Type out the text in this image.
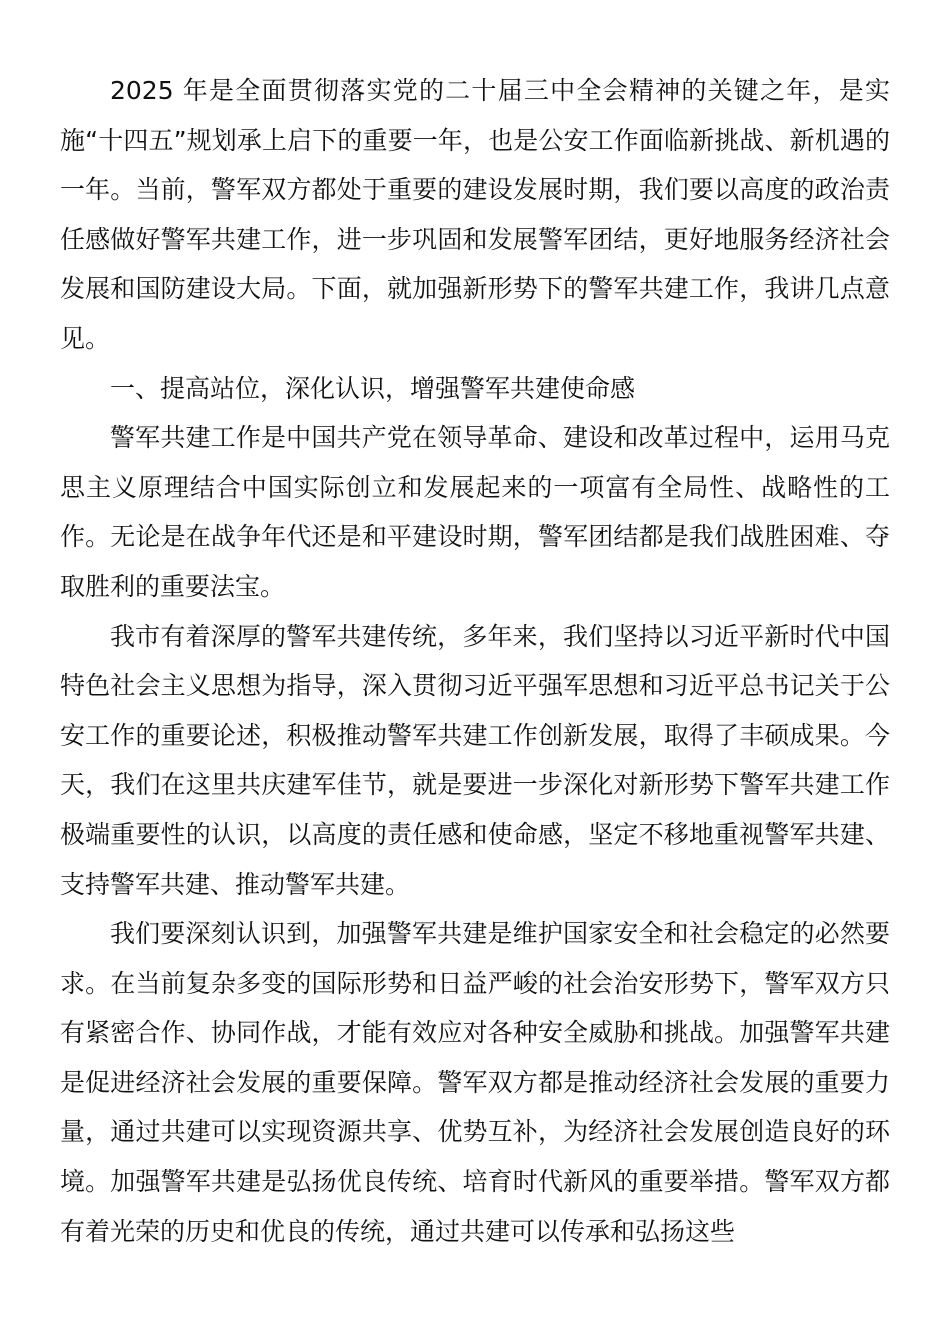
2025 年是全面贯彻落实党的二十届三中全会精神的关键之年，是实施“十四五”规划承上启下的重要一年，也是公安工作面临新挑战、新机遇的一年。当前，警军双方都处于重要的建设发展时期，我们要以高度的政治责任感做好警军共建工作，进一步巩固和发展警军团结，更好地服务经济社会发展和国防建设大局。下面，就加强新形势下的警军共建工作，我讲几点意见。

一、提高站位，深化认识，增强警军共建使命感

警军共建工作是中国共产党在领导革命、建设和改革过程中，运用马克思主义原理结合中国实际创立和发展起来的一项富有全局性、战略性的工作。无论是在战争年代还是和平建设时期，警军团结都是我们战胜困难、夺取胜利的重要法宝。

我市有着深厚的警军共建传统，多年来，我们坚持以习近平新时代中国特色社会主义思想为指导，深入贯彻习近平强军思想和习近平总书记关于公安工作的重要论述，积极推动警军共建工作创新发展，取得了丰硕成果。今天，我们在这里共庆建军佳节，就是要进一步深化对新形势下警军共建工作极端重要性的认识，以高度的责任感和使命感，坚定不移地重视警军共建、支持警军共建、推动警军共建。

我们要深刻认识到，加强警军共建是维护国家安全和社会稳定的必然要求。在当前复杂多变的国际形势和日益严峻的社会治安形势下，警军双方只有紧密合作、协同作战，才能有效应对各种安全威胁和挑战。加强警军共建是促进经济社会发展的重要保障。警军双方都是推动经济社会发展的重要力量，通过共建可以实现资源共享、优势互补，为经济社会发展创造良好的环境。加强警军共建是弘扬优良传统、培育时代新风的重要举措。警军双方都有着光荣的历史和优良的传统，通过共建可以传承和弘扬这些
